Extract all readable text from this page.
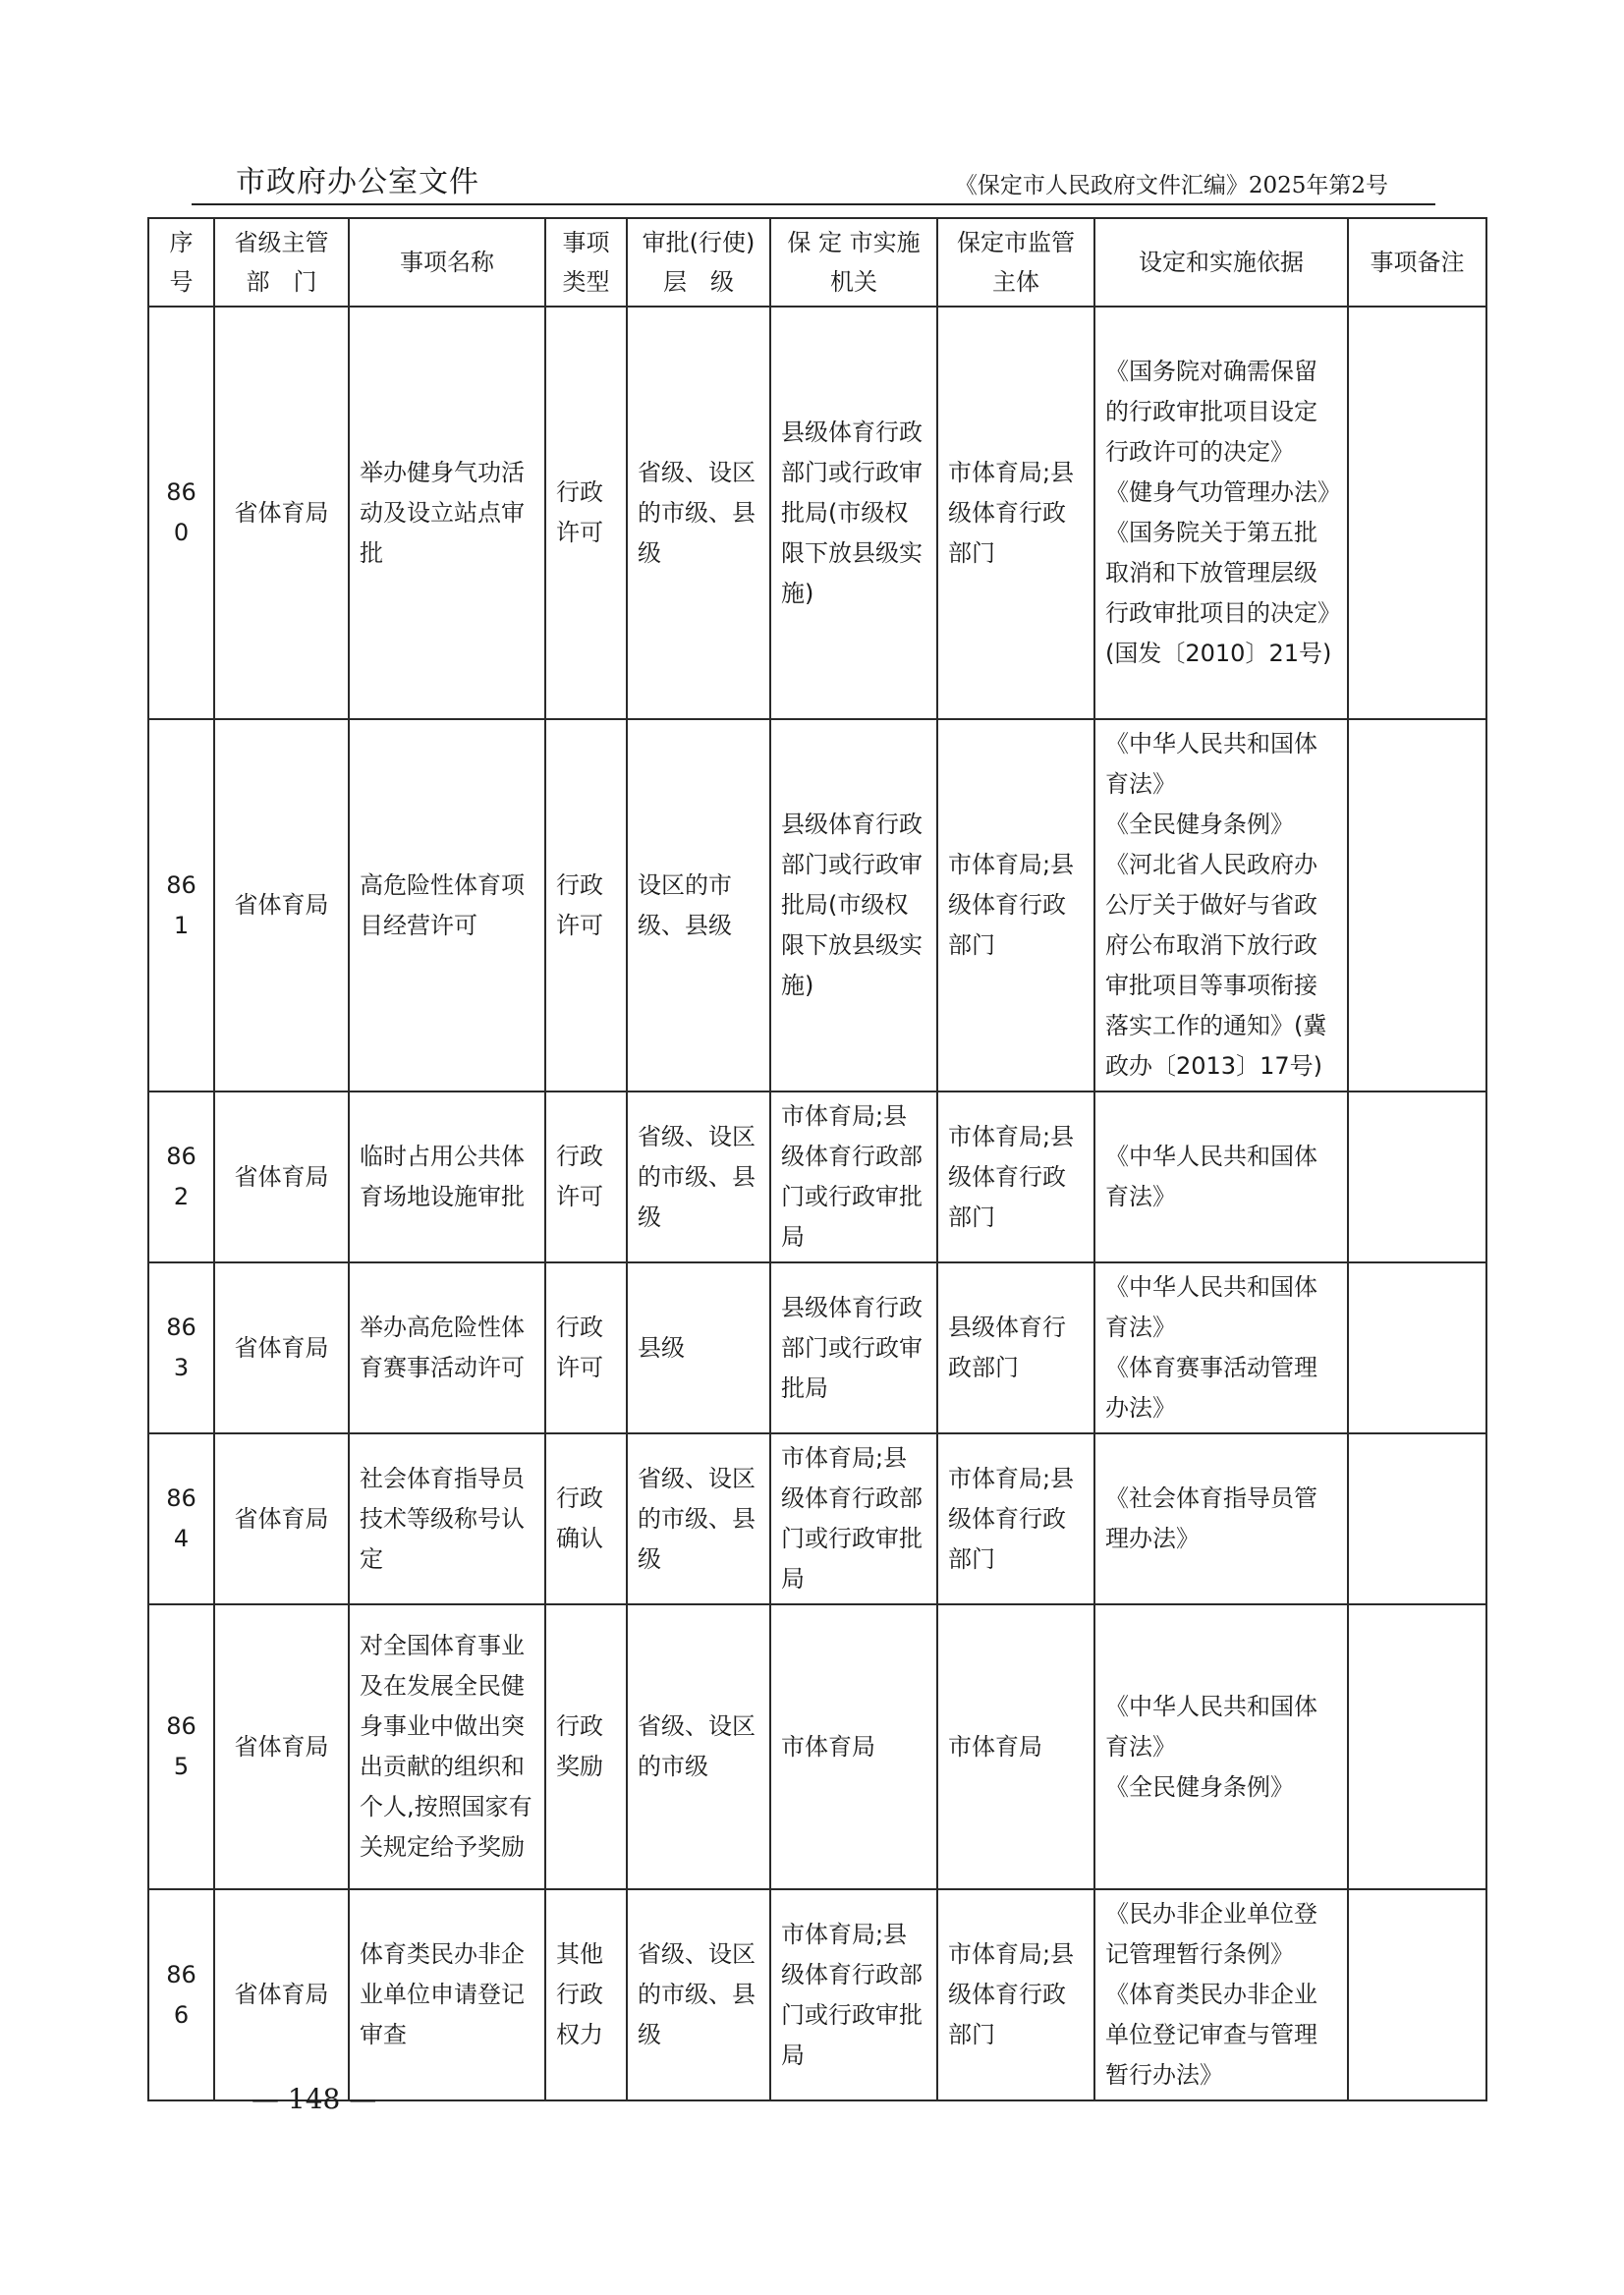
市政府办公室文件	《保定市人民政府文件汇编》2025年第2号
序号	省级主管部　门	事项名称	事项类型	审批(行使)层　级	保 定 市实施机关	保定市监管主体	设定和实施依据	事项备注
860	省体育局	举办健身气功活动及设立站点审批	行政许可	省级、设区的市级、县级	县级体育行政部门或行政审批局(市级权限下放县级实施)	市体育局;县级体育行政部门	《国务院对确需保留的行政审批项目设定行政许可的决定》
《健身气功管理办法》
《国务院关于第五批取消和下放管理层级行政审批项目的决定》(国发〔2010〕21号)	

861	省体育局	高危险性体育项目经营许可	行政许可	设区的市级、县级	县级体育行政部门或行政审批局(市级权限下放县级实施)	市体育局;县级体育行政部门	《中华人民共和国体育法》
《全民健身条例》
《河北省人民政府办公厅关于做好与省政府公布取消下放行政审批项目等事项衔接落实工作的通知》(冀政办〔2013〕17号)	

862	省体育局	临时占用公共体育场地设施审批	行政许可	省级、设区的市级、县级	市体育局;县级体育行政部门或行政审批局	市体育局;县级体育行政部门	《中华人民共和国体育法》	

863	省体育局	举办高危险性体育赛事活动许可	行政许可	县级	县级体育行政部门或行政审批局	县级体育行政部门	《中华人民共和国体育法》
《体育赛事活动管理办法》	

864	省体育局	社会体育指导员技术等级称号认定	行政确认	省级、设区的市级、县级	市体育局;县级体育行政部门或行政审批局	市体育局;县级体育行政部门	《社会体育指导员管理办法》	

865	省体育局	对全国体育事业及在发展全民健身事业中做出突出贡献的组织和个人,按照国家有关规定给予奖励	行政奖励	省级、设区的市级	市体育局	市体育局	《中华人民共和国体育法》
《全民健身条例》	

866	省体育局	体育类民办非企业单位申请登记审查	其他行政权力	省级、设区的市级、县级	市体育局;县级体育行政部门或行政审批局	市体育局;县级体育行政部门	《民办非企业单位登记管理暂行条例》
《体育类民办非企业单位登记审查与管理暂行办法》	

— 148 —
